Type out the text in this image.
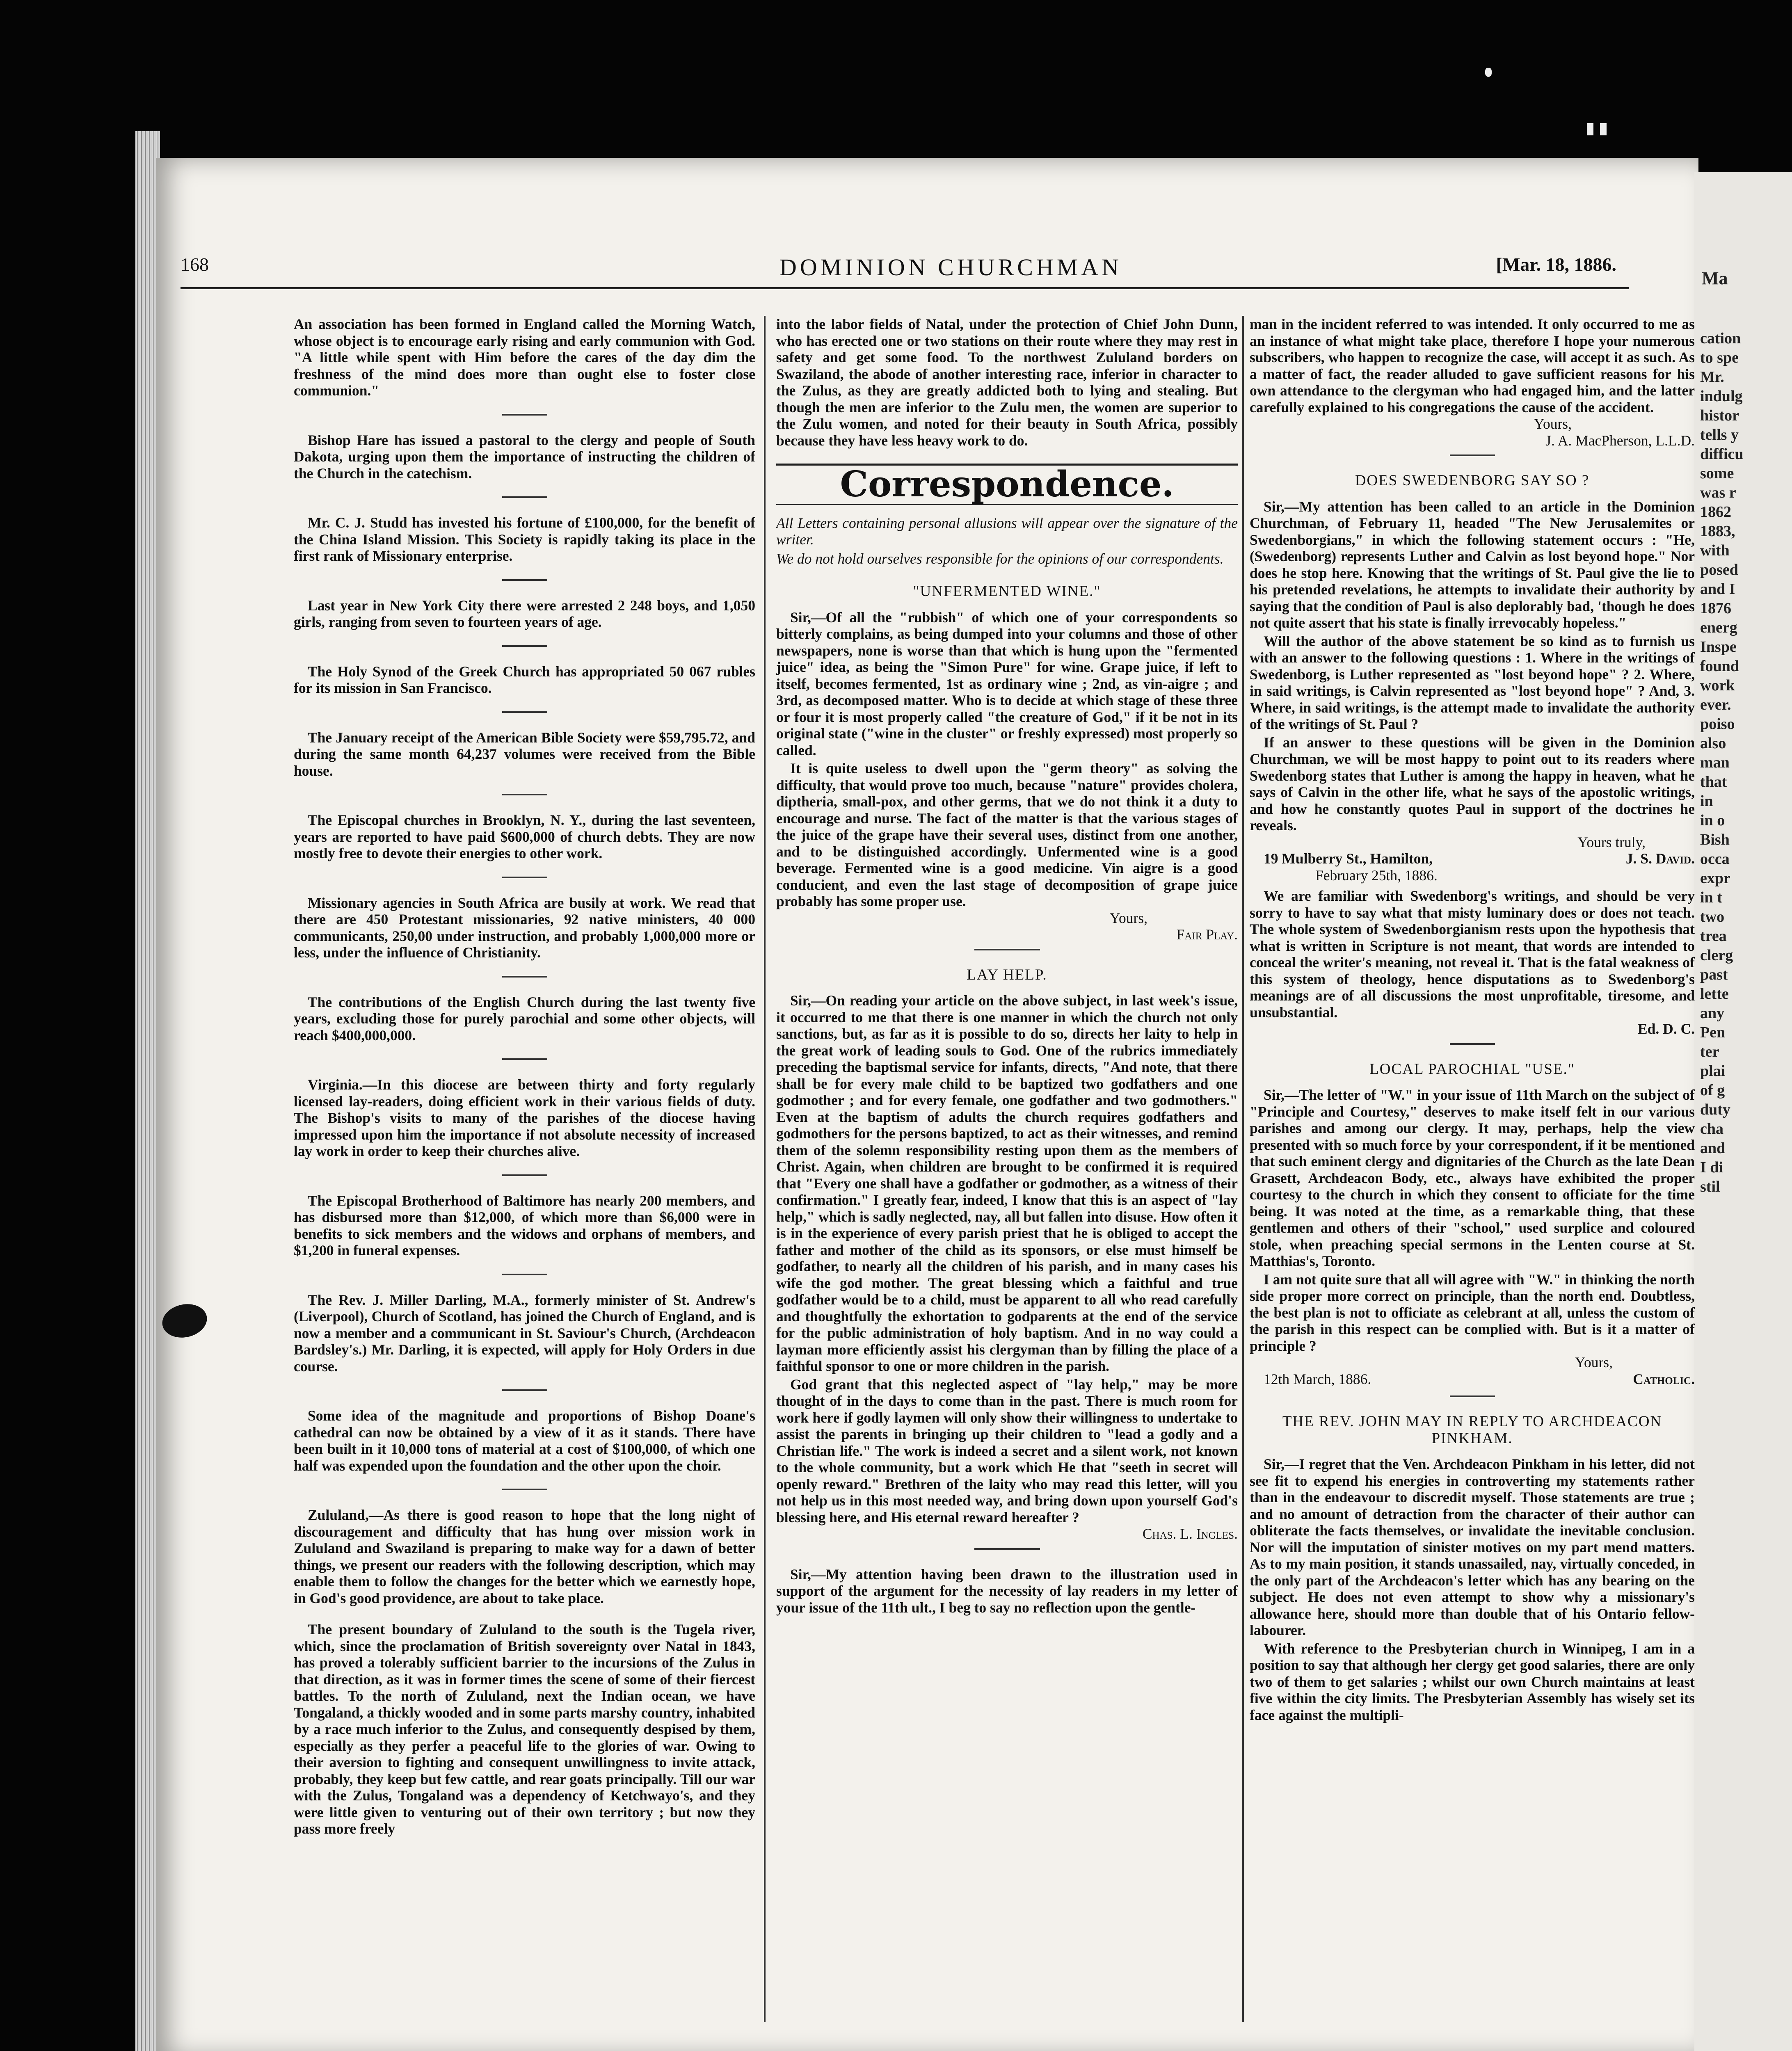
Ma
cation
to spe
Mr.
indulg
histor
tells y
difficu
some
was r
1862
1883,
with
posed
and I
1876
energ
Inspe
found
work
ever.
poiso
also
man
that
in
in o
Bish
occa
expr
in t
two
trea
clerg
past
lette
any
Pen
ter
plai
of g
duty
cha
and
I di
stil
168	DOMINION CHURCHMAN	[Mar. 18, 1886.

An association has been formed in England called the Morning Watch, whose object is to encourage early rising and early communion with God. "A little while spent with Him before the cares of the day dim the freshness of the mind does more than ought else to foster close communion."

Bishop Hare has issued a pastoral to the clergy and people of South Dakota, urging upon them the importance of instructing the children of the Church in the catechism.

Mr. C. J. Studd has invested his fortune of £100,000, for the benefit of the China Island Mission. This Society is rapidly taking its place in the first rank of Missionary enterprise.

Last year in New York City there were arrested 2 248 boys, and 1,050 girls, ranging from seven to fourteen years of age.

The Holy Synod of the Greek Church has appropriated 50 067 rubles for its mission in San Francisco.

The January receipt of the American Bible Society were $59,795.72, and during the same month 64,237 volumes were received from the Bible house.

The Episcopal churches in Brooklyn, N. Y., during the last seventeen, years are reported to have paid $600,000 of church debts. They are now mostly free to devote their energies to other work.

Missionary agencies in South Africa are busily at work. We read that there are 450 Protestant missionaries, 92 native ministers, 40 000 communicants, 250,00 under instruction, and probably 1,000,000 more or less, under the influence of Christianity.

The contributions of the English Church during the last twenty five years, excluding those for purely parochial and some other objects, will reach $400,000,000.

Virginia.—In this diocese are between thirty and forty regularly licensed lay-readers, doing efficient work in their various fields of duty. The Bishop's visits to many of the parishes of the diocese having impressed upon him the importance if not absolute necessity of increased lay work in order to keep their churches alive.

The Episcopal Brotherhood of Baltimore has nearly 200 members, and has disbursed more than $12,000, of which more than $6,000 were in benefits to sick members and the widows and orphans of members, and $1,200 in funeral expenses.

The Rev. J. Miller Darling, M.A., formerly minister of St. Andrew's (Liverpool), Church of Scotland, has joined the Church of England, and is now a member and a communicant in St. Saviour's Church, (Archdeacon Bardsley's.) Mr. Darling, it is expected, will apply for Holy Orders in due course.

Some idea of the magnitude and proportions of Bishop Doane's cathedral can now be obtained by a view of it as it stands. There have been built in it 10,000 tons of material at a cost of $100,000, of which one half was expended upon the foundation and the other upon the choir.

Zululand,—As there is good reason to hope that the long night of discouragement and difficulty that has hung over mission work in Zululand and Swaziland is preparing to make way for a dawn of better things, we present our readers with the following description, which may enable them to follow the changes for the better which we earnestly hope, in God's good providence, are about to take place.

The present boundary of Zululand to the south is the Tugela river, which, since the proclamation of British sovereignty over Natal in 1843, has proved a tolerably sufficient barrier to the incursions of the Zulus in that direction, as it was in former times the scene of some of their fiercest battles. To the north of Zululand, next the Indian ocean, we have Tongaland, a thickly wooded and in some parts marshy country, inhabited by a race much inferior to the Zulus, and consequently despised by them, especially as they perfer a peaceful life to the glories of war. Owing to their aversion to fighting and consequent unwillingness to invite attack, probably, they keep but few cattle, and rear goats principally. Till our war with the Zulus, Tongaland was a dependency of Ketchwayo's, and they were little given to venturing out of their own territory ; but now they pass more freely

into the labor fields of Natal, under the protection of Chief John Dunn, who has erected one or two stations on their route where they may rest in safety and get some food. To the northwest Zululand borders on Swaziland, the abode of another interesting race, inferior in character to the Zulus, as they are greatly addicted both to lying and stealing. But though the men are inferior to the Zulu men, the women are superior to the Zulu women, and noted for their beauty in South Africa, possibly because they have less heavy work to do.

Correspondence.

All Letters containing personal allusions will appear over the signature of the writer.

We do not hold ourselves responsible for the opinions of our correspondents.

"UNFERMENTED WINE."

Sir,—Of all the "rubbish" of which one of your correspondents so bitterly complains, as being dumped into your columns and those of other newspapers, none is worse than that which is hung upon the "fermented juice" idea, as being the "Simon Pure" for wine. Grape juice, if left to itself, becomes fermented, 1st as ordinary wine ; 2nd, as vin-aigre ; and 3rd, as decomposed matter. Who is to decide at which stage of these three or four it is most properly called "the creature of God," if it be not in its original state ("wine in the cluster" or freshly expressed) most properly so called.

It is quite useless to dwell upon the "germ theory" as solving the difficulty, that would prove too much, because "nature" provides cholera, diptheria, small-pox, and other germs, that we do not think it a duty to encourage and nurse. The fact of the matter is that the various stages of the juice of the grape have their several uses, distinct from one another, and to be distinguished accordingly. Unfermented wine is a good beverage. Fermented wine is a good medicine. Vin aigre is a good conducient, and even the last stage of decomposition of grape juice probably has some proper use.

Yours,

Fair Play.

LAY HELP.

Sir,—On reading your article on the above subject, in last week's issue, it occurred to me that there is one manner in which the church not only sanctions, but, as far as it is possible to do so, directs her laity to help in the great work of leading souls to God. One of the rubrics immediately preceding the baptismal service for infants, directs, "And note, that there shall be for every male child to be baptized two godfathers and one godmother ; and for every female, one godfather and two godmothers." Even at the baptism of adults the church requires godfathers and godmothers for the persons baptized, to act as their witnesses, and remind them of the solemn responsibility resting upon them as the members of Christ. Again, when children are brought to be confirmed it is required that "Every one shall have a godfather or godmother, as a witness of their confirmation." I greatly fear, indeed, I know that this is an aspect of "lay help," which is sadly neglected, nay, all but fallen into disuse. How often it is in the experience of every parish priest that he is obliged to accept the father and mother of the child as its sponsors, or else must himself be godfather, to nearly all the children of his parish, and in many cases his wife the god mother. The great blessing which a faithful and true godfather would be to a child, must be apparent to all who read carefully and thoughtfully the exhortation to godparents at the end of the service for the public administration of holy baptism. And in no way could a layman more efficiently assist his clergyman than by filling the place of a faithful sponsor to one or more children in the parish.

God grant that this neglected aspect of "lay help," may be more thought of in the days to come than in the past. There is much room for work here if godly laymen will only show their willingness to undertake to assist the parents in bringing up their children to "lead a godly and a Christian life." The work is indeed a secret and a silent work, not known to the whole community, but a work which He that "seeth in secret will openly reward." Brethren of the laity who may read this letter, will you not help us in this most needed way, and bring down upon yourself God's blessing here, and His eternal reward hereafter ?

Chas. L. Ingles.

Sir,—My attention having been drawn to the illustration used in support of the argument for the necessity of lay readers in my letter of your issue of the 11th ult., I beg to say no reflection upon the gentle-

man in the incident referred to was intended. It only occurred to me as an instance of what might take place, therefore I hope your numerous subscribers, who happen to recognize the case, will accept it as such. As a matter of fact, the reader alluded to gave sufficient reasons for his own attendance to the clergyman who had engaged him, and the latter carefully explained to his congregations the cause of the accident.

Yours,

J. A. MacPherson, L.L.D.

DOES SWEDENBORG SAY SO ?

Sir,—My attention has been called to an article in the Dominion Churchman, of February 11, headed "The New Jerusalemites or Swedenborgians," in which the following statement occurs : "He, (Swedenborg) represents Luther and Calvin as lost beyond hope." Nor does he stop here. Knowing that the writings of St. Paul give the lie to his pretended revelations, he attempts to invalidate their authority by saying that the condition of Paul is also deplorably bad, 'though he does not quite assert that his state is finally irrevocably hopeless."

Will the author of the above statement be so kind as to furnish us with an answer to the following questions : 1. Where in the writings of Swedenborg, is Luther represented as "lost beyond hope" ? 2. Where, in said writings, is Calvin represented as "lost beyond hope" ? And, 3. Where, in said writings, is the attempt made to invalidate the authority of the writings of St. Paul ?

If an answer to these questions will be given in the Dominion Churchman, we will be most happy to point out to its readers where Swedenborg states that Luther is among the happy in heaven, what he says of Calvin in the other life, what he says of the apostolic writings, and how he constantly quotes Paul in support of the doctrines he reveals.

Yours truly,

19 Mulberry St., Hamilton,	J. S. David.

February 25th, 1886.

We are familiar with Swedenborg's writings, and should be very sorry to have to say what that misty luminary does or does not teach. The whole system of Swedenborgianism rests upon the hypothesis that what is written in Scripture is not meant, that words are intended to conceal the writer's meaning, not reveal it. That is the fatal weakness of this system of theology, hence disputations as to Swedenborg's meanings are of all discussions the most unprofitable, tiresome, and unsubstantial.

Ed. D. C.

LOCAL PAROCHIAL "USE."

Sir,—The letter of "W." in your issue of 11th March on the subject of "Principle and Courtesy," deserves to make itself felt in our various parishes and among our clergy. It may, perhaps, help the view presented with so much force by your correspondent, if it be mentioned that such eminent clergy and dignitaries of the Church as the late Dean Grasett, Archdeacon Body, etc., always have exhibited the proper courtesy to the church in which they consent to officiate for the time being. It was noted at the time, as a remarkable thing, that these gentlemen and others of their "school," used surplice and coloured stole, when preaching special sermons in the Lenten course at St. Matthias's, Toronto.

I am not quite sure that all will agree with "W." in thinking the north side proper more correct on principle, than the north end. Doubtless, the best plan is not to officiate as celebrant at all, unless the custom of the parish in this respect can be complied with. But is it a matter of principle ?

Yours,

12th March, 1886.	Catholic.
THE REV. JOHN MAY IN REPLY TO ARCHDEACON PINKHAM.

Sir,—I regret that the Ven. Archdeacon Pinkham in his letter, did not see fit to expend his energies in controverting my statements rather than in the endeavour to discredit myself. Those statements are true ; and no amount of detraction from the character of their author can obliterate the facts themselves, or invalidate the inevitable conclusion. Nor will the imputation of sinister motives on my part mend matters. As to my main position, it stands unassailed, nay, virtually conceded, in the only part of the Archdeacon's letter which has any bearing on the subject. He does not even attempt to show why a missionary's allowance here, should more than double that of his Ontario fellow-labourer.

With reference to the Presbyterian church in Winnipeg, I am in a position to say that although her clergy get good salaries, there are only two of them to get salaries ; whilst our own Church maintains at least five within the city limits. The Presbyterian Assembly has wisely set its face against the multipli-
